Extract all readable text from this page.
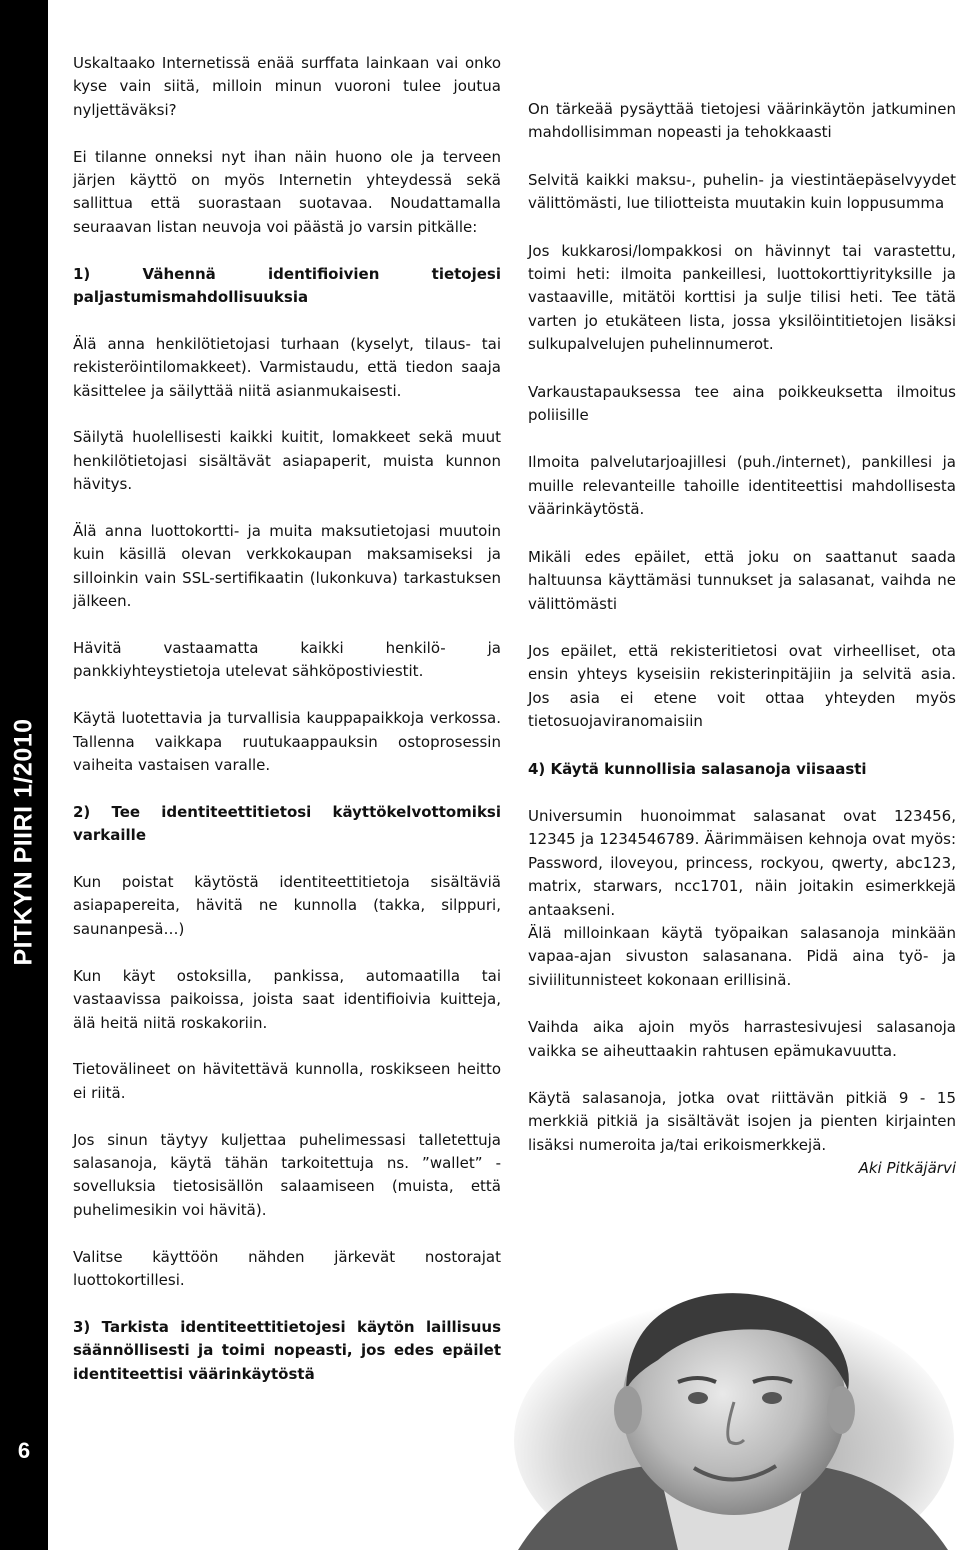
PITKYN PIIRI 1/2010
6

Uskaltaako Internetissä enää surffata lainkaan vai onko kyse vain siitä, milloin minun vuoroni tulee joutua nyljettäväksi?

Ei tilanne onneksi nyt ihan näin huono ole ja terveen järjen käyttö on myös Internetin yhteydessä sekä sallittua että suorastaan suotavaa. Noudattamalla seuraavan listan neuvoja voi päästä jo varsin pitkälle:

1) Vähennä identifioivien tietojesi paljastumismahdollisuuksia

Älä anna henkilötietojasi turhaan (kyselyt, tilaus- tai rekisteröintilomakkeet). Varmistaudu, että tiedon saaja käsittelee ja säilyttää niitä asianmukaisesti.

Säilytä huolellisesti kaikki kuitit, lomakkeet sekä muut henkilötietojasi sisältävät asiapaperit, muista kunnon hävitys.

Älä anna luottokortti- ja muita maksutietojasi muutoin kuin käsillä olevan verkkokaupan maksamiseksi ja silloinkin vain SSL-sertifikaatin (lukonkuva) tarkastuksen jälkeen.

Hävitä vastaamatta kaikki henkilö- ja pankkiyhteystietoja utelevat sähköpostiviestit.

Käytä luotettavia ja turvallisia kauppapaikkoja verkossa. Tallenna vaikkapa ruutukaappauksin ostoprosessin vaiheita vastaisen varalle.

2) Tee identiteettitietosi käyttökelvottomiksi varkaille

Kun poistat käytöstä identiteettitietoja sisältäviä asiapapereita, hävitä ne kunnolla (takka, silppuri, saunanpesä…)

Kun käyt ostoksilla, pankissa, automaatilla tai vastaavissa paikoissa, joista saat identifioivia kuitteja, älä heitä niitä roskakoriin.

Tietovälineet on hävitettävä kunnolla, roskikseen heitto ei riitä.

Jos sinun täytyy kuljettaa puhelimessasi talletettuja salasanoja, käytä tähän tarkoitettuja ns. ”wallet” -sovelluksia tietosisällön salaamiseen (muista, että puhelimesikin voi hävitä).

Valitse käyttöön nähden järkevät nostorajat luottokortillesi.

3) Tarkista identiteettitietojesi käytön laillisuus säännöllisesti ja toimi nopeasti, jos edes epäilet identiteettisi väärinkäytöstä

On tärkeää pysäyttää tietojesi väärinkäytön jatkuminen mahdollisimman nopeasti ja tehokkaasti

Selvitä kaikki maksu-, puhelin- ja viestintäepäselvyydet välittömästi, lue tiliotteista muutakin kuin loppusumma

Jos kukkarosi/lompakkosi on hävinnyt tai varastettu, toimi heti: ilmoita pankeillesi, luottokorttiyrityksille ja vastaaville, mitätöi korttisi ja sulje tilisi heti. Tee tätä varten jo etukäteen lista, jossa yksilöintitietojen lisäksi sulkupalvelujen puhelinnumerot.

Varkaustapauksessa tee aina poikkeuksetta ilmoitus poliisille

Ilmoita palvelutarjoajillesi (puh./internet), pankillesi ja muille relevanteille tahoille identiteettisi mahdollisesta väärinkäytöstä.

Mikäli edes epäilet, että joku on saattanut saada haltuunsa käyttämäsi tunnukset ja salasanat, vaihda ne välittömästi

Jos epäilet, että rekisteritietosi ovat virheelliset, ota ensin yhteys kyseisiin rekisterinpitäjiin ja selvitä asia. Jos asia ei etene voit ottaa yhteyden myös tietosuojaviranomaisiin

4) Käytä kunnollisia salasanoja viisaasti

Universumin huonoimmat salasanat ovat 123456, 12345 ja 1234546789. Äärimmäisen kehnoja ovat myös: Password, iloveyou, princess, rockyou, qwerty, abc123, matrix, starwars, ncc1701, näin joitakin esimerkkejä antaakseni.

Älä milloinkaan käytä työpaikan salasanoja minkään vapaa-ajan sivuston salasanana. Pidä aina työ- ja siviilitunnisteet kokonaan erillisinä.

Vaihda aika ajoin myös harrastesivujesi salasanoja vaikka se aiheuttaakin rahtusen epämukavuutta.

Käytä salasanoja, jotka ovat riittävän pitkiä 9 - 15 merkkiä pitkiä ja sisältävät isojen ja pienten kirjainten lisäksi numeroita ja/tai erikoismerkkejä.

Aki Pitkäjärvi
